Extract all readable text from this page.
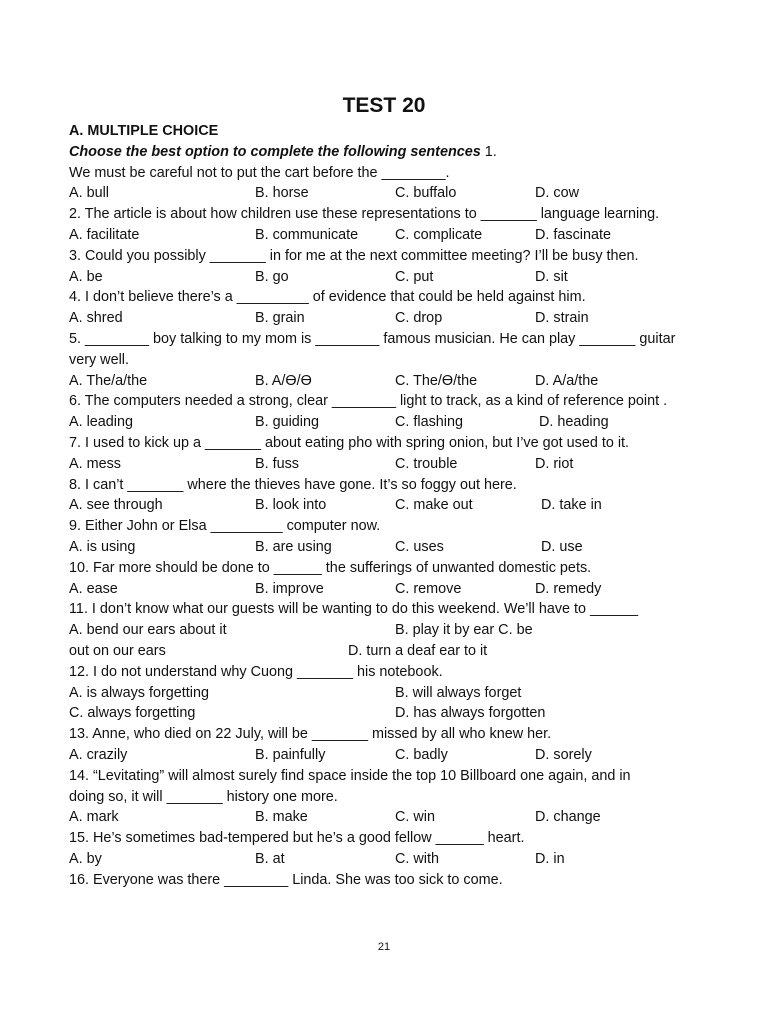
TEST 20
A. MULTIPLE CHOICE
Choose the best option to complete the following sentences 1.
We must be careful not to put the cart before the ________.
A. bull	B. horse	C. buffalo	D. cow
2. The article is about how children use these representations to _______ language learning.
A. facilitate	B. communicate	C. complicate	D. fascinate
3. Could you possibly _______ in for me at the next committee meeting? I’ll be busy then.
A. be	B. go	C. put	D. sit
4. I don’t believe there’s a _________ of evidence that could be held against him.
A. shred	B. grain	C. drop	D. strain
5. ________ boy talking to my mom is ________ famous musician. He can play _______ guitar
very well.
A. The/a/the	B. A/Ɵ/Ɵ	C. The/Ɵ/the	D. A/a/the
6. The computers needed a strong, clear ________ light to track, as a kind of reference point .
A. leading	B. guiding	C. flashing	D. heading
7. I used to kick up a _______ about eating pho with spring onion, but I’ve got used to it.
A. mess	B. fuss	C. trouble	D. riot
8. I can’t _______ where the thieves have gone. It’s so foggy out here.
A. see through	B. look into	C. make out	D. take in
9. Either John or Elsa _________ computer now.
A. is using	B. are using	C. uses	D. use
10. Far more should be done to ______ the sufferings of unwanted domestic pets.
A. ease	B. improve	C. remove	D. remedy
11. I don’t know what our guests will be wanting to do this weekend. We’ll have to ______
A. bend our ears about it	B. play it by ear C. be
out on our ears	D. turn a deaf ear to it
12. I do not understand why Cuong _______ his notebook.
A. is always forgetting	B. will always forget
C. always forgetting	D. has always forgotten
13. Anne, who died on 22 July, will be _______ missed by all who knew her.
A. crazily	B. painfully	C. badly	D. sorely
14. “Levitating” will almost surely find space inside the top 10 Billboard one again, and in
doing so, it will _______ history one more.
A. mark	B. make	C. win	D. change
15. He’s sometimes bad-tempered but he’s a good fellow ______ heart.
A. by	B. at	C. with	D. in
16. Everyone was there ________ Linda. She was too sick to come.
21
